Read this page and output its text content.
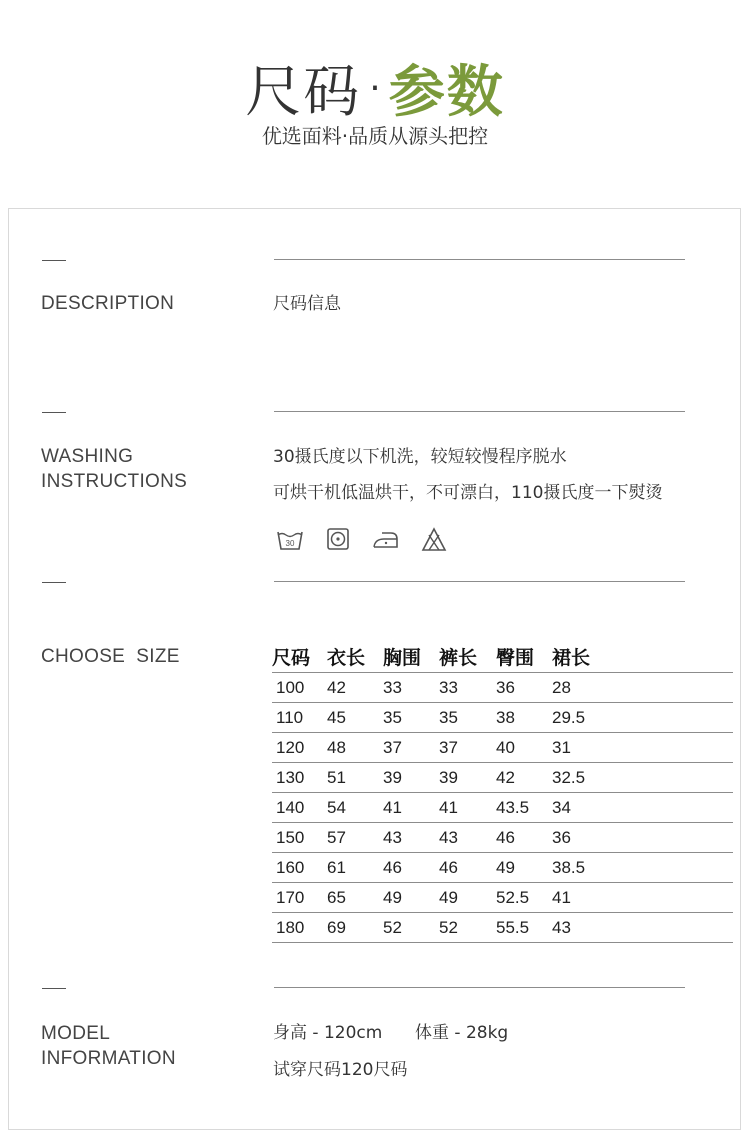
尺码 · 参数
优选面料·品质从源头把控
DESCRIPTION	尺码信息
WASHING
INSTRUCTIONS
30摄氏度以下机洗，较短较慢程序脱水
可烘干机低温烘干，不可漂白，110摄氏度一下熨烫
30
CHOOSE  SIZE	尺码	衣长	胸围	裤长	臀围	裙长
100	42	33	33	36	28
110	45	35	35	38	29.5
120	48	37	37	40	31
130	51	39	39	42	32.5
140	54	41	41	43.5	34
150	57	43	43	46	36
160	61	46	46	49	38.5
170	65	49	49	52.5	41
180	69	52	52	55.5	43
MODEL
INFORMATION
身高 - 120cm 体重 - 28kg
试穿尺码120尺码
